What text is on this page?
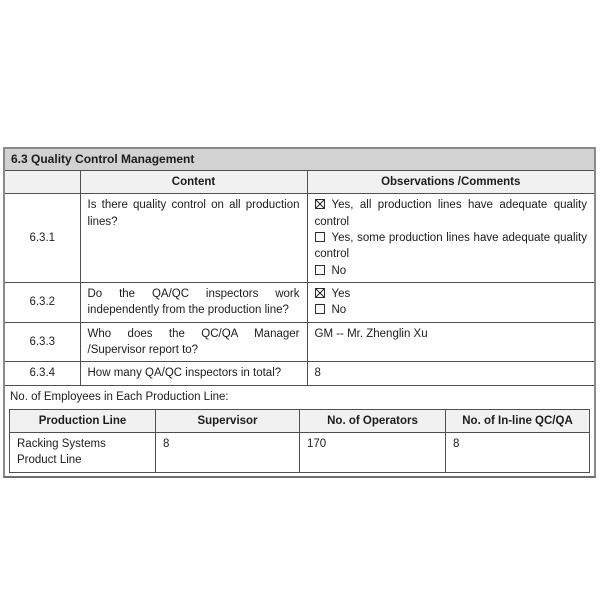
6.3 Quality Control Management
	Content	Observations /Comments
6.3.1	Is there quality control on all production lines?	Yes, all production lines have adequate quality control
Yes, some production lines have adequate quality control
No

6.3.2	Do the QA/QC inspectors work independently from the production line?	Yes
No

6.3.3	Who does the QC/QA Manager /Supervisor report to?	GM -- Mr. Zhenglin Xu
6.3.4	How many QA/QC inspectors in total?	8
No. of Employees in Each Production Line:
Production Line	Supervisor	No. of Operators	No. of In-line QC/QA
Racking Systems Product Line	8	170	8
